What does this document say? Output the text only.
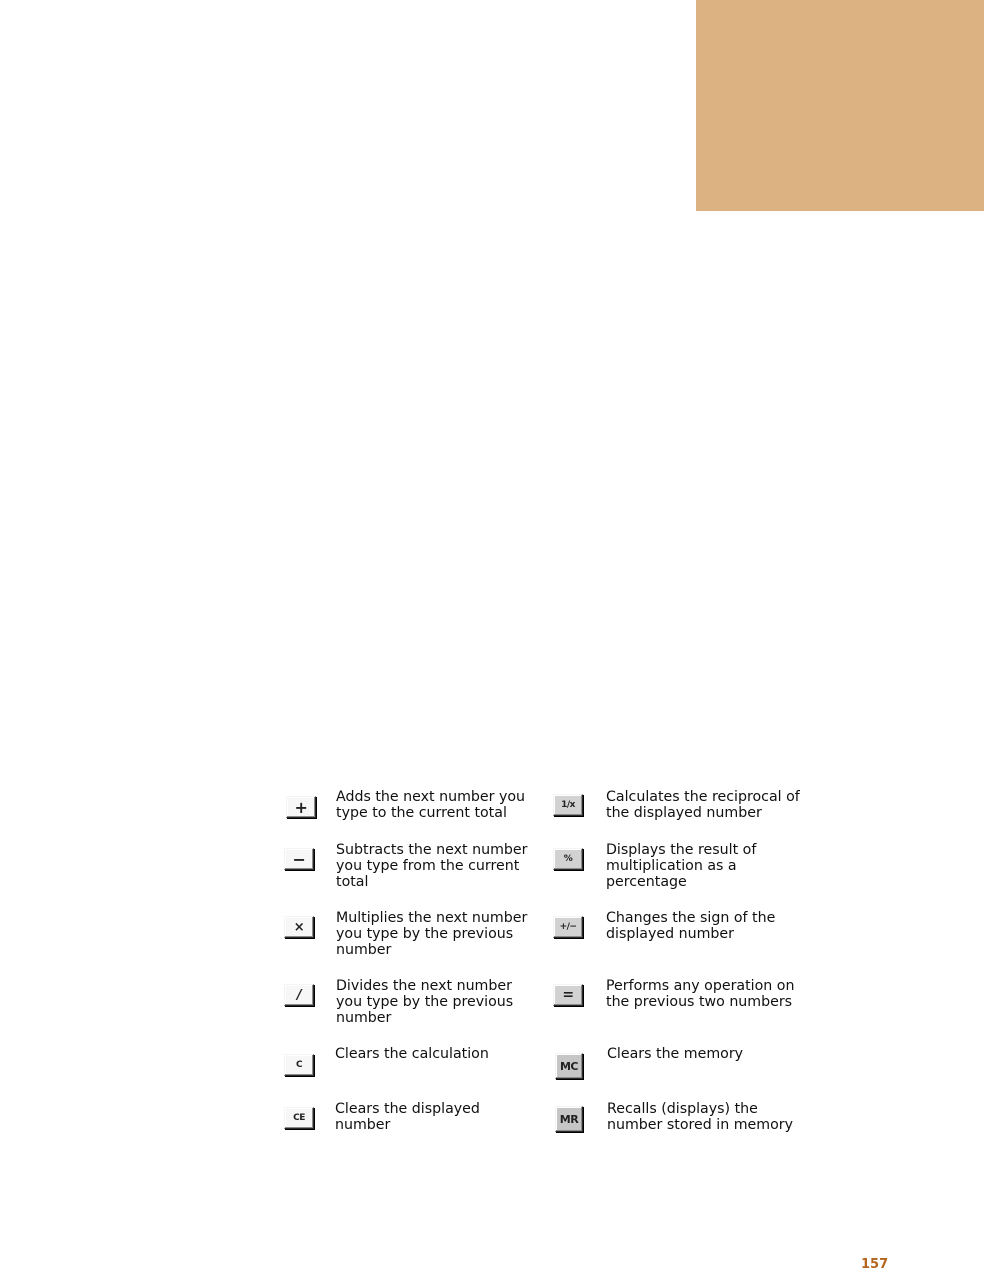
+

Adds the next number you
type to the current total

−	Subtracts the next number
you type from the current
total

×

Multiplies the next number
you type by the previous
number

/

Divides the next number
you type by the previous
number

C

Clears the calculation

CE

Clears the displayed
number

1/x	Calculates the reciprocal of
the displayed number

%

Displays the result of
multiplication as a
percentage

+/−

Changes the sign of the
displayed number

=

Performs any operation on
the previous two numbers

MC

Clears the memory

MR

Recalls (displays) the
number stored in memory

157
